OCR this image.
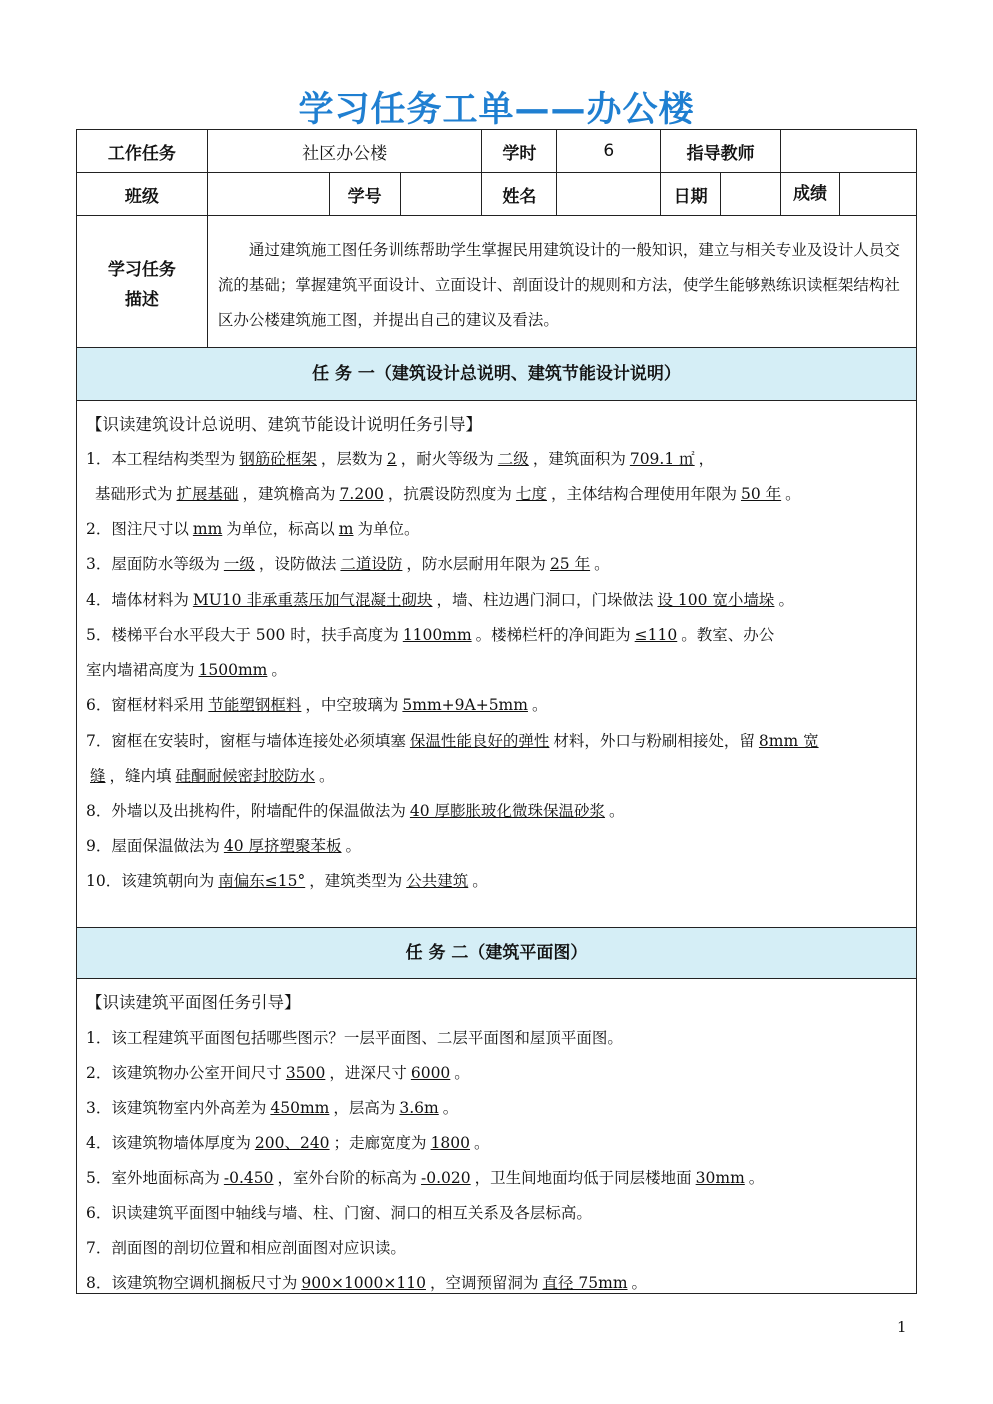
学习任务工单——办公楼
工作任务	社区办公楼			学时	6	指导教师		
班级		学号		姓名		日期		成绩
学习任务
描述	通过建筑施工图任务训练帮助学生掌握民用建筑设计的一般知识，建立与相关专业及设计人员交流的基础；掌握建筑平面设计、立面设计、剖面设计的规则和方法，使学生能够熟练识读框架结构社区办公楼建筑施工图，并提出自己的建议及看法。							
任 务 一（建筑设计总说明、建筑节能设计说明）
【识读建筑设计总说明、建筑节能设计说明任务引导】
1．本工程结构类型为 钢筋砼框架 ，层数为 2 ，耐火等级为 二级 ，建筑面积为 709.1 ㎡ ，
基础形式为 扩展基础 ，建筑檐高为 7.200 ，抗震设防烈度为 七度 ，主体结构合理使用年限为 50 年 。
2．图注尺寸以 mm 为单位，标高以 m 为单位。
3．屋面防水等级为 一级 ，设防做法 二道设防 ，防水层耐用年限为 25 年 。
4．墙体材料为 MU10 非承重蒸压加气混凝土砌块 ，墙、柱边遇门洞口，门垛做法 设 100 宽小墙垛 。
5．楼梯平台水平段大于 500 时，扶手高度为 1100mm 。楼梯栏杆的净间距为 ≤110 。教室、办公
室内墙裙高度为 1500mm 。
6．窗框材料采用 节能塑钢框料 ，中空玻璃为 5mm+9A+5mm 。
7．窗框在安装时，窗框与墙体连接处必须填塞 保温性能良好的弹性 材料，外口与粉刷相接处，留 8mm 宽
缝 ，缝内填 硅酮耐候密封胶防水 。
8．外墙以及出挑构件，附墙配件的保温做法为 40 厚膨胀玻化微珠保温砂浆 。
9．屋面保温做法为 40 厚挤塑聚苯板 。
10．该建筑朝向为 南偏东≤15° ，建筑类型为 公共建筑 。
任 务 二（建筑平面图）
【识读建筑平面图任务引导】
1．该工程建筑平面图包括哪些图示？一层平面图、二层平面图和屋顶平面图。
2．该建筑物办公室开间尺寸 3500 ，进深尺寸 6000 。
3．该建筑物室内外高差为 450mm ，层高为 3.6m 。
4．该建筑物墙体厚度为 200、240 ；走廊宽度为 1800 。
5．室外地面标高为 -0.450 ，室外台阶的标高为 -0.020 ，卫生间地面均低于同层楼地面 30mm 。
6．识读建筑平面图中轴线与墙、柱、门窗、洞口的相互关系及各层标高。
7．剖面图的剖切位置和相应剖面图对应识读。
8．该建筑物空调机搁板尺寸为 900×1000×110 ，空调预留洞为 直径 75mm 。
1
